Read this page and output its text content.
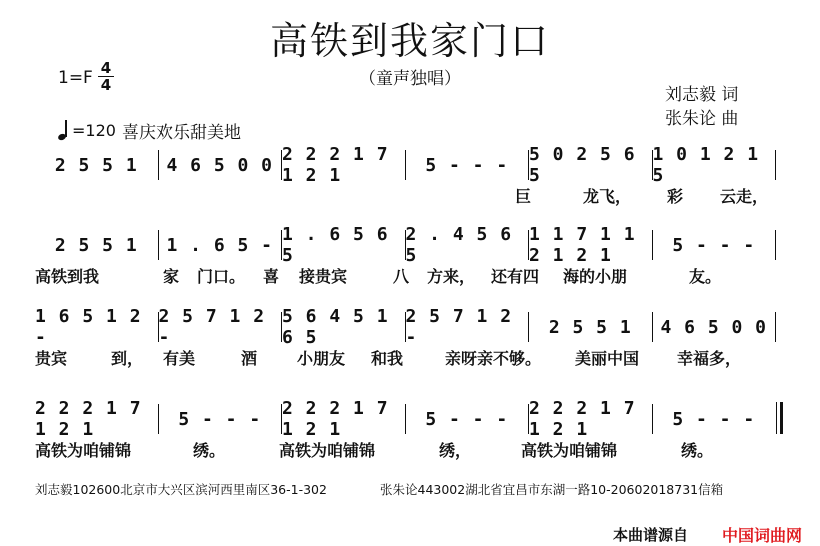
高铁到我家门口
（童声独唱）
1=F 4
4
=120 喜庆欢乐甜美地
刘志毅 词
张朱论 曲
2 5 5 1	4 6 5 0 0 2 2 2 1 7 1 2 1	5 - - -	5 0 2 5 6 5
1 0 1 2 1 5
巨	龙飞， 彩 云走，
2 5 5 1	1 . 6 5 - 1 . 6 5 6 5
2 . 4 5 6 5
1 1 7 1 1 2 1 2 1	5 - - -
高铁到我	家 门口。 喜 接贵宾	八 方来， 还有四 海的小朋	友。
1 6 5 1 2 -
2 5 7 1 2 -
5 6 4 5 1 6 5
2 5 7 1 2 -	2 5 5 1	4 6 5 0 0
贵宾	到， 有美	酒 小朋友 和我	亲呀亲不够。 美丽中国 幸福多，
2 2 2 1 7 1 2 1	5 - - -	2 2 2 1 7 1 2 1	5 - - -	2 2 2 1 7 1 2 1	5 - - -
高铁为咱铺锦	绣。	高铁为咱铺锦	绣，	高铁为咱铺锦	绣。
刘志毅102600北京市大兴区滨河西里南区36-1-302	张朱论443002湖北省宜昌市东湖一路10-20602018731信箱
本曲谱源自 中国词曲网
